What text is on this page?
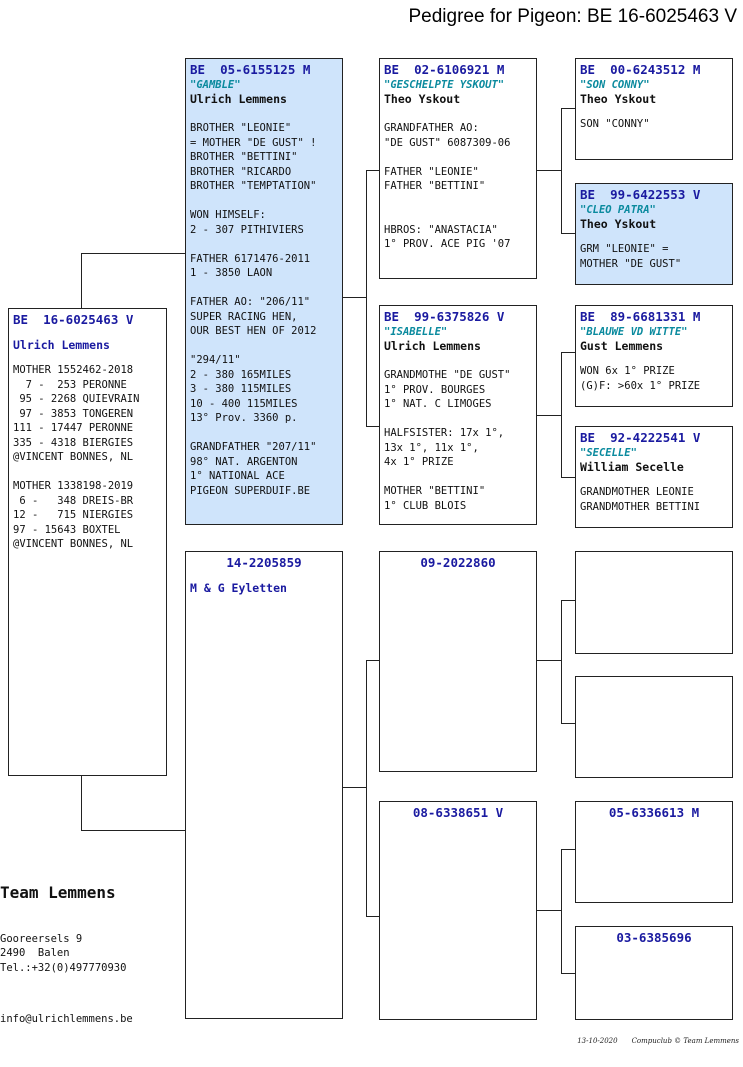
Pedigree for Pigeon: BE 16-6025463 V
BE  16-6025463 V
Ulrich Lemmens
MOTHER 1552462-2018
7 -  253 PERONNE
95 - 2268 QUIEVRAIN
97 - 3853 TONGEREN
111 - 17447 PERONNE
335 - 4318 BIERGIES
@VINCENT BONNES, NL

MOTHER 1338198-2019
6 -   348 DREIS-BR
12 -   715 NIERGIES
97 - 15643 BOXTEL
@VINCENT BONNES, NL
BE  05-6155125 M
"GAMBLE"
Ulrich Lemmens
BROTHER "LEONIE"
= MOTHER "DE GUST" !
BROTHER "BETTINI"
BROTHER "RICARDO
BROTHER "TEMPTATION"

WON HIMSELF:
2 - 307 PITHIVIERS

FATHER 6171476-2011
1 - 3850 LAON

FATHER AO: "206/11"
SUPER RACING HEN,
OUR BEST HEN OF 2012

"294/11"
2 - 380 165MILES
3 - 380 115MILES
10 - 400 115MILES
13° Prov. 3360 p.

GRANDFATHER "207/11"
98° NAT. ARGENTON
1° NATIONAL ACE
PIGEON SUPERDUIF.BE
14-2205859
M & G Eyletten
BE  02-6106921 M
"GESCHELPTE YSKOUT"
Theo Yskout
GRANDFATHER AO:
"DE GUST" 6087309-06

FATHER "LEONIE"
FATHER "BETTINI"

HBROS: "ANASTACIA"
1° PROV. ACE PIG '07
BE  99-6375826 V
"ISABELLE"
Ulrich Lemmens
GRANDMOTHE "DE GUST"
1° PROV. BOURGES
1° NAT. C LIMOGES

HALFSISTER: 17x 1°,
13x 1°, 11x 1°,
4x 1° PRIZE

MOTHER "BETTINI"
1° CLUB BLOIS
09-2022860
08-6338651 V
BE  00-6243512 M
"SON CONNY"
Theo Yskout
SON "CONNY"
BE  99-6422553 V
"CLEO PATRA"
Theo Yskout
GRM "LEONIE" =
MOTHER "DE GUST"
BE  89-6681331 M
"BLAUWE VD WITTE"
Gust Lemmens
WON 6x 1° PRIZE
(G)F: >60x 1° PRIZE
BE  92-4222541 V
"SECELLE"
William Secelle
GRANDMOTHER LEONIE
GRANDMOTHER BETTINI
05-6336613 M
03-6385696

Team Lemmens

Gooreersels 9
2490  Balen
Tel.:+32(0)497770930

info@ulrichlemmens.be

13-10-2020 Compuclub © Team Lemmens
